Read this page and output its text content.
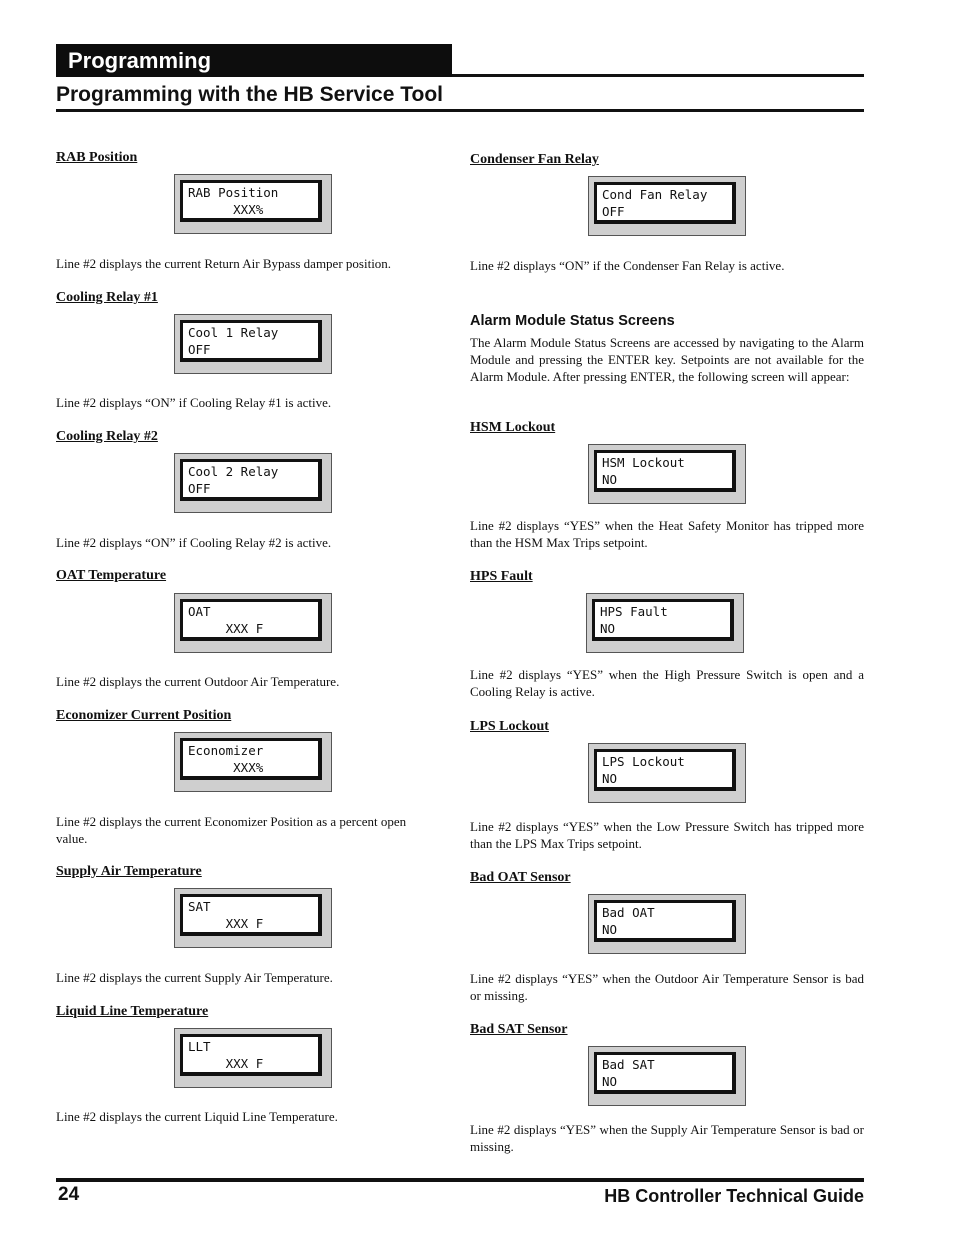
Programming
Programming with the HB Service Tool
RAB Position
RAB Position
XXX%
Line #2 displays the current Return Air Bypass damper position.
Cooling Relay #1
Cool 1 Relay
OFF
Line #2 displays “ON” if Cooling Relay #1 is active.
Cooling Relay #2
Cool 2 Relay
OFF
Line #2 displays “ON” if Cooling Relay #2 is active.
OAT Temperature
OAT
XXX F
Line #2 displays the current Outdoor Air Temperature.
Economizer Current Position
Economizer
XXX%
Line #2 displays the current Economizer Position as a percent open value.
Supply Air Temperature
SAT
XXX F
Line #2 displays the current Supply Air Temperature.
Liquid Line Temperature
LLT
XXX F
Line #2 displays the current Liquid Line Temperature.
Condenser Fan Relay
Cond Fan Relay
OFF
Line #2 displays “ON” if the Condenser Fan Relay is active.
Alarm Module Status Screens
The Alarm Module Status Screens are accessed by navigating to the Alarm Module and pressing the ENTER key. Setpoints are not available for the Alarm Module. After pressing ENTER, the following screen will appear:
HSM Lockout
HSM Lockout
NO
Line #2 displays “YES” when the Heat Safety Monitor has tripped more than the HSM Max Trips setpoint.
HPS Fault
HPS Fault
NO
Line #2 displays “YES” when the High Pressure Switch is open and a Cooling Relay is active.
LPS Lockout
LPS Lockout
NO
Line #2 displays “YES” when the Low Pressure Switch has tripped more than the LPS Max Trips setpoint.
Bad OAT Sensor
Bad OAT
NO
Line #2 displays “YES” when the Outdoor Air Temperature Sensor is bad or missing.
Bad SAT Sensor
Bad SAT
NO
Line #2 displays “YES” when the Supply Air Temperature Sensor is bad or missing.
24	HB Controller Technical Guide
